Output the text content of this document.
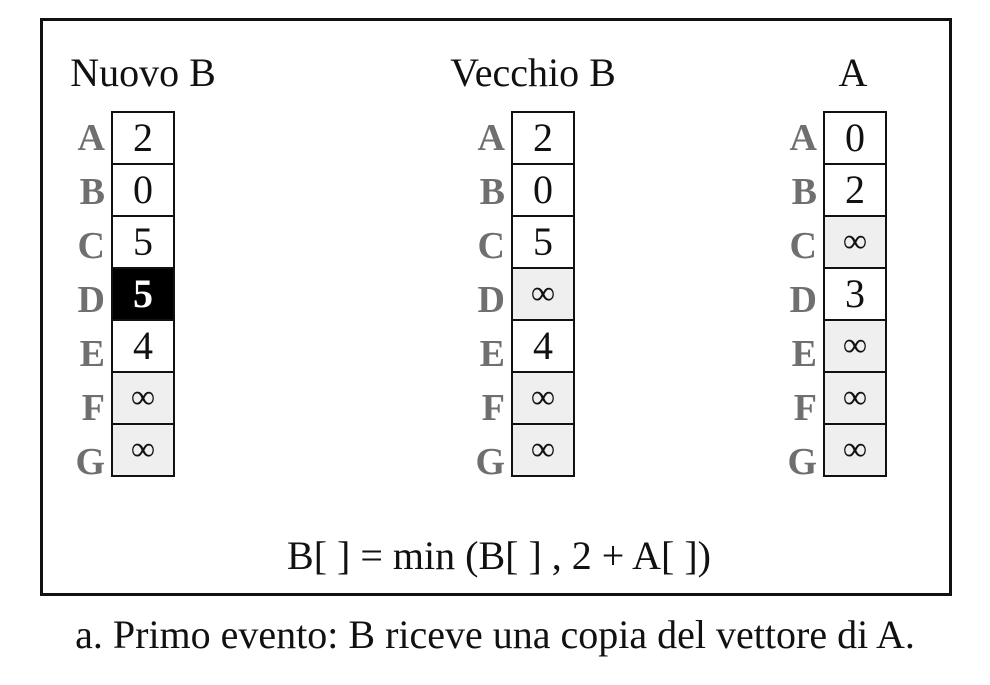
Nuovo B
A 2
B 0
C 5
D 5
E 4
F ∞
G ∞
Vecchio B
A 2
B 0
C 5
D ∞
E 4
F ∞
G ∞
A
A 0
B 2
C ∞
D 3
E ∞
F ∞
G ∞
B[ ] = min (B[ ] , 2 + A[ ])
a. Primo evento: B riceve una copia del vettore di A.
